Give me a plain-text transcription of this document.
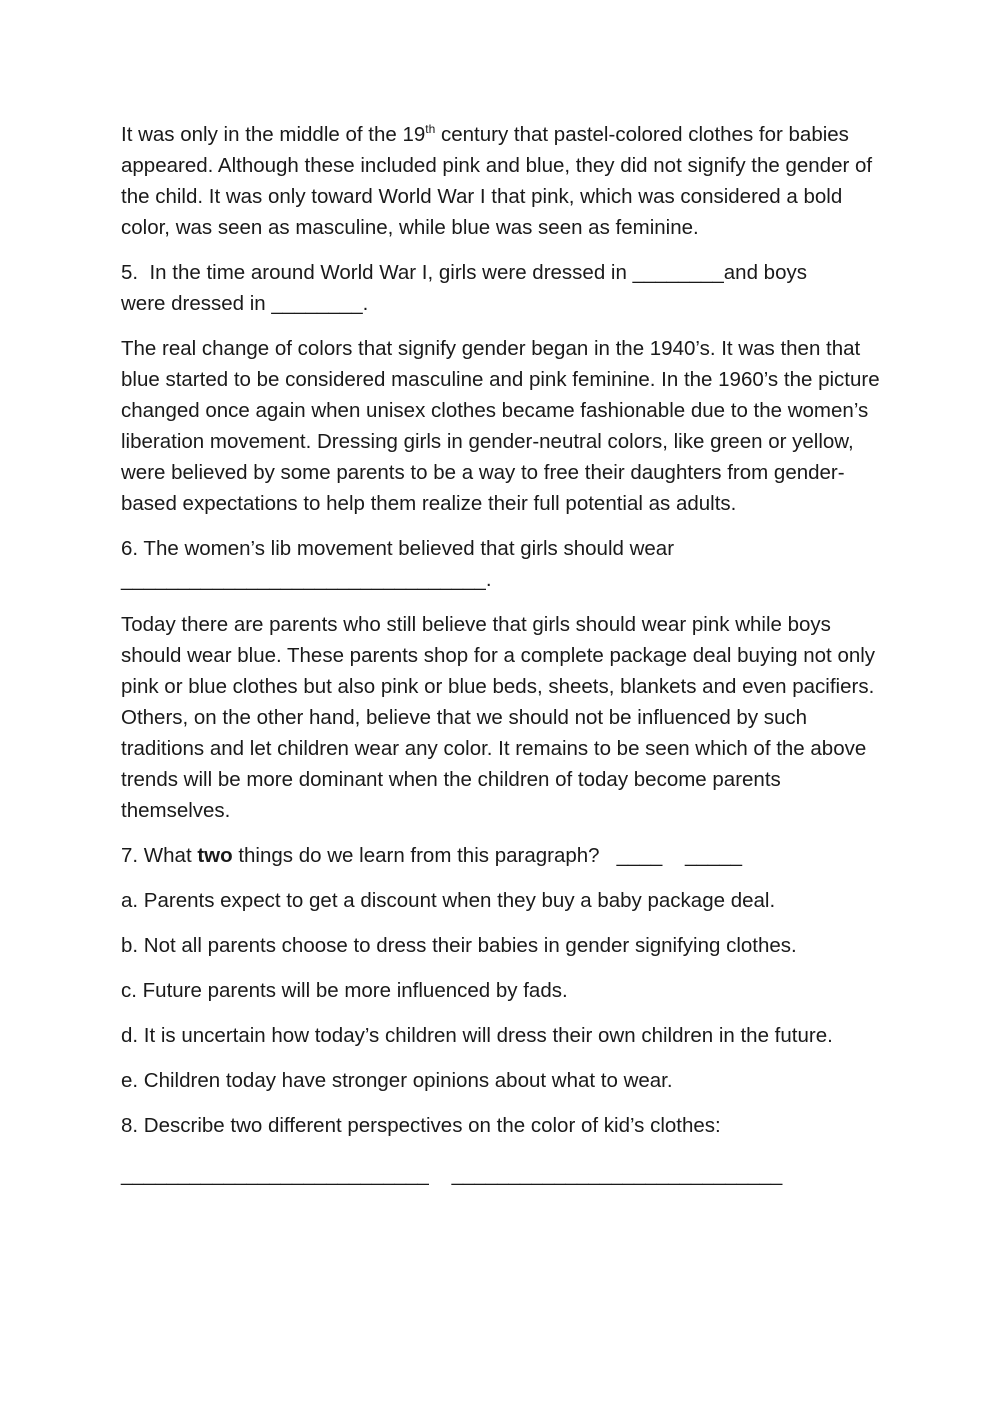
It was only in the middle of the 19th century that pastel-colored clothes for babies appeared. Although these included pink and blue, they did not signify the gender of the child. It was only toward World War I that pink, which was considered a bold color, was seen as masculine, while blue was seen as feminine.

5.  In the time around World War I, girls were dressed in ________and boys
were dressed in ________.

The real change of colors that signify gender began in the 1940’s. It was then that blue started to be considered masculine and pink feminine. In the 1960’s the picture changed once again when unisex clothes became fashionable due to the women’s liberation movement. Dressing girls in gender-neutral colors, like green or yellow, were believed by some parents to be a way to free their daughters from gender-based expectations to help them realize their full potential as adults.

6. The women’s lib movement believed that girls should wear
________________________________.

Today there are parents who still believe that girls should wear pink while boys should wear blue. These parents shop for a complete package deal buying not only pink or blue clothes but also pink or blue beds, sheets, blankets and even pacifiers. Others, on the other hand, believe that we should not be influenced by such traditions and let children wear any color. It remains to be seen which of the above trends will be more dominant when the children of today become parents themselves.

7. What two things do we learn from this paragraph?   ____    _____

a. Parents expect to get a discount when they buy a baby package deal.

b. Not all parents choose to dress their babies in gender signifying clothes.

c. Future parents will be more influenced by fads.

d. It is uncertain how today’s children will dress their own children in the future.

e. Children today have stronger opinions about what to wear.

8. Describe two different perspectives on the color of kid’s clothes:

___________________________    _____________________________
